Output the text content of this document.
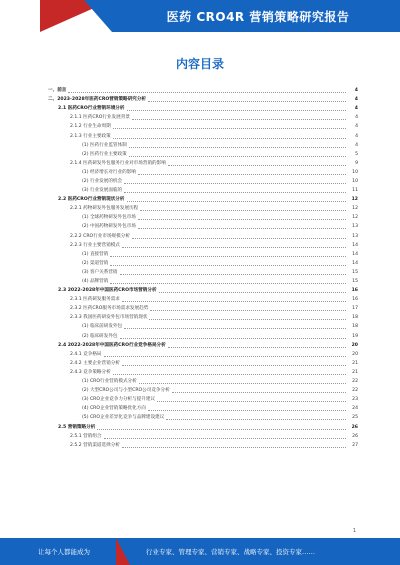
医药 CRO4R 营销策略研究报告
内容目录
一、前言	4
二、2023-2028年医药CRO营销策略研究分析	4
2.1 医药CRO行业营销环境分析	4
2.1.1 医药CRO行业发展背景	4
2.1.2 行业生命周期	4
2.1.3 行业主要政策	4
(1) 医药行业监管体制	4
(2) 医药行业主要政策	5
2.1.4 医药研发外包服务行业对市场营销的影响	9
(1) 经济增长对行业的影响	10
(2) 行业发展的机会	10
(3) 行业发展面临的	11
2.2 医药CRO行业营销现状分析	12
2.2.1 药物研发外包服务发展历程	12
(1) 全球药物研发外包市场	12
(2) 中国药物研发外包市场	13
2.2.2 CRO行业市场规模分析	13
2.2.3 行业主要营销模式	14
(1) 直接营销	14
(2) 渠道营销	14
(3) 客户关系营销	15
(4) 品牌营销	15
2.3 2022-2028年中国医药CRO市场营销分析	16
2.3.1 医药研发服务需求	16
2.3.2 医药CRO服务市场需求发展趋势	17
2.3.3 我国医药研发外包市场营销现状	18
(1) 临床前研发外包	18
(2) 临床研发外包	19
2.4 2022-2028年中国医药CRO行业竞争格局分析	20
2.4.1 竞争格局	20
2.4.2 主要企业营销分析	21
2.4.3 竞争策略分析	21
(1) CRO行业营销模式分析	22
(2) 大型CRO公司与小型CRO公司竞争分析	22
(3) CRO企业竞争力分析与提升建议	23
(4) CRO企业营销策略优化方向	24
(5) CRO企业差异化竞争与品牌建设建议	25
2.5 营销策略分析	26
2.5.1 营销组合	26
2.5.2 营销渠道选择分析	27
1
让每个人都能成为	行业专家、管理专家、营销专家、战略专家、投资专家……
